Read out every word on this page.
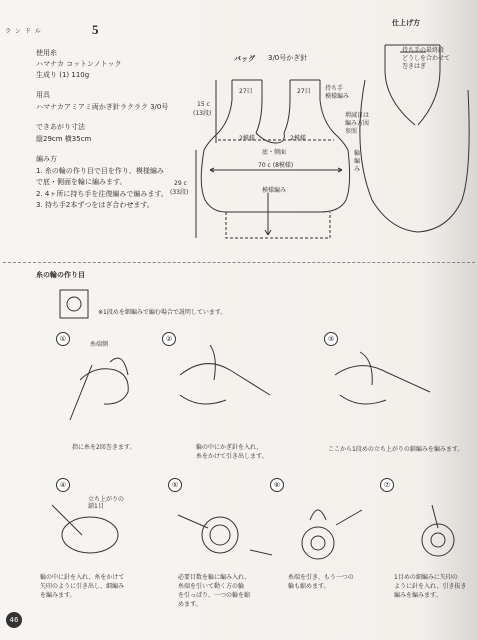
ラ ン ド ル	5
使用糸
ハマナカ コットンノトック
生成り (1) 110g
用具
ハマナカアミアミ両かぎ針ラクラク 3/0号
できあがり寸法
縦29cm 横35cm
編み方
1. 糸の輪の作り目で目を作り、模様編み
で底・側面を輪に編みます。
2. 4ヶ所に持ち手を往復編みで編みます。
3. 持ち手2本ずつをはぎ合わせます。
バッグ 3/0号かぎ針
27目	27目
15 c
(13段)
持ち手
模様編み
増減目は
編み方図
参照
2模様	2模様
底・側面
70 c (8模様)
輪
編
み
29 c
(33段)	模様編み
仕上げ方
持ち手の最終段
どうしを合わせて
巻きはぎ
糸の輪の作り目
※1段めを細編みで編む場合で説明しています。
①
糸端側
指に糸を2回巻きます。
②
輪の中にかぎ針を入れ、
糸をかけて引き出します。
③
ここから1段めの立ち上がりの鎖編みを編みます。
④
立ち上がりの鎖1目
輪の中に針を入れ、糸をかけて
矢印のように引き出し、細編み
を編みます。
⑤
必要目数を輪に編み入れ、
糸端を引いて動く方の輪
を引っぱり、一つの輪を縮
めます。
⑥
糸端を引き、もう一つの
輪も縮めます。
⑦
1目めの細編みに矢印の
ように針を入れ、引き抜き
編みを編みます。
46
